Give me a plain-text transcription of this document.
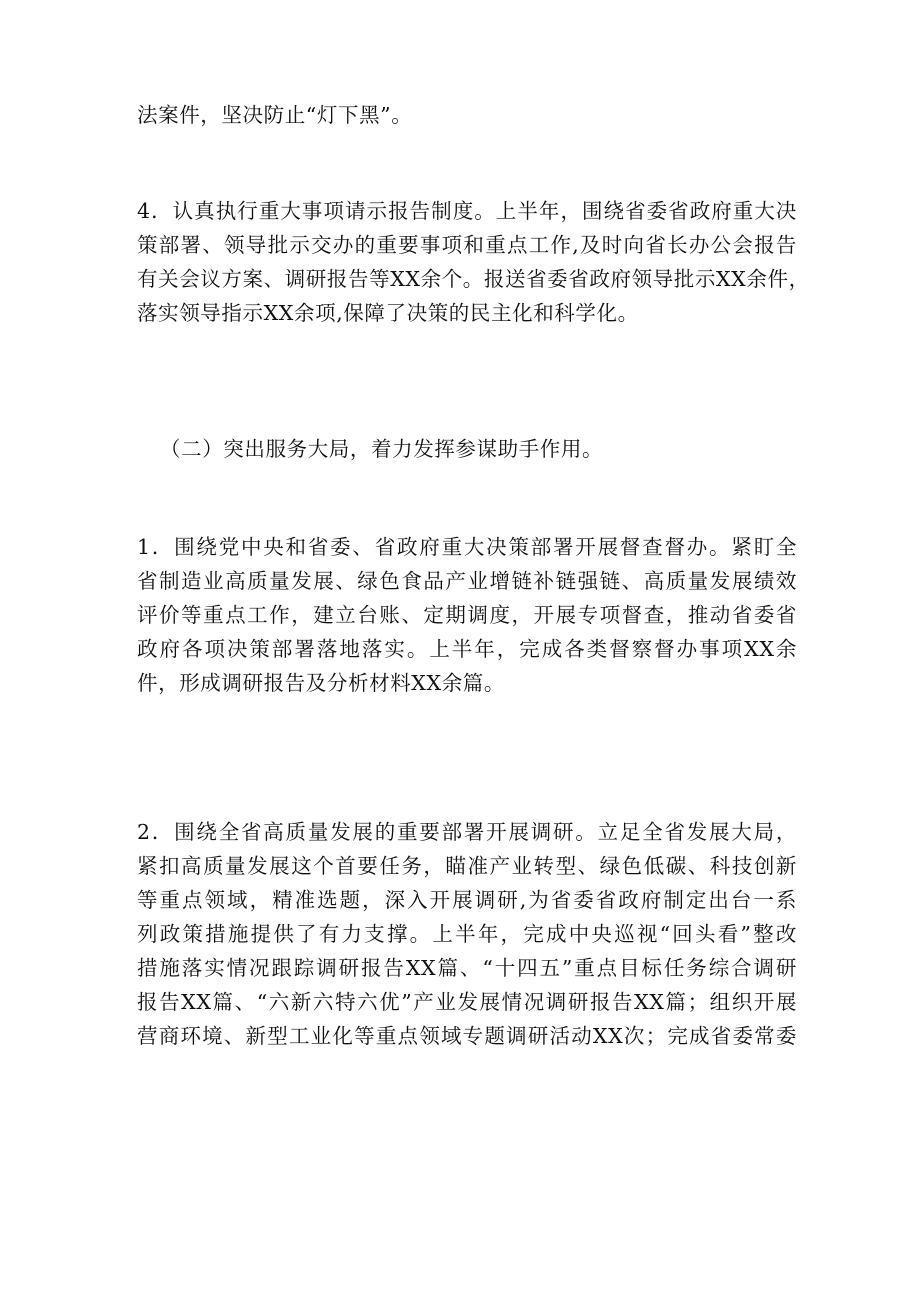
法案件，坚决防止“灯下黑”。
4．认真执行重大事项请示报告制度。上半年，围绕省委省政府重大决
策部署、领导批示交办的重要事项和重点工作,及时向省长办公会报告
有关会议方案、调研报告等XX余个。报送省委省政府领导批示XX余件，
落实领导指示XX余项,保障了决策的民主化和科学化。
（二）突出服务大局，着力发挥参谋助手作用。
1．围绕党中央和省委、省政府重大决策部署开展督查督办。紧盯全
省制造业高质量发展、绿色食品产业增链补链强链、高质量发展绩效
评价等重点工作，建立台账、定期调度，开展专项督查，推动省委省
政府各项决策部署落地落实。上半年，完成各类督察督办事项XX余
件，形成调研报告及分析材料XX余篇。
2．围绕全省高质量发展的重要部署开展调研。立足全省发展大局，
紧扣高质量发展这个首要任务，瞄准产业转型、绿色低碳、科技创新
等重点领域，精准选题，深入开展调研,为省委省政府制定出台一系
列政策措施提供了有力支撑。上半年，完成中央巡视“回头看”整改
措施落实情况跟踪调研报告XX篇、“十四五”重点目标任务综合调研
报告XX篇、“六新六特六优”产业发展情况调研报告XX篇；组织开展
营商环境、新型工业化等重点领域专题调研活动XX次；完成省委常委
